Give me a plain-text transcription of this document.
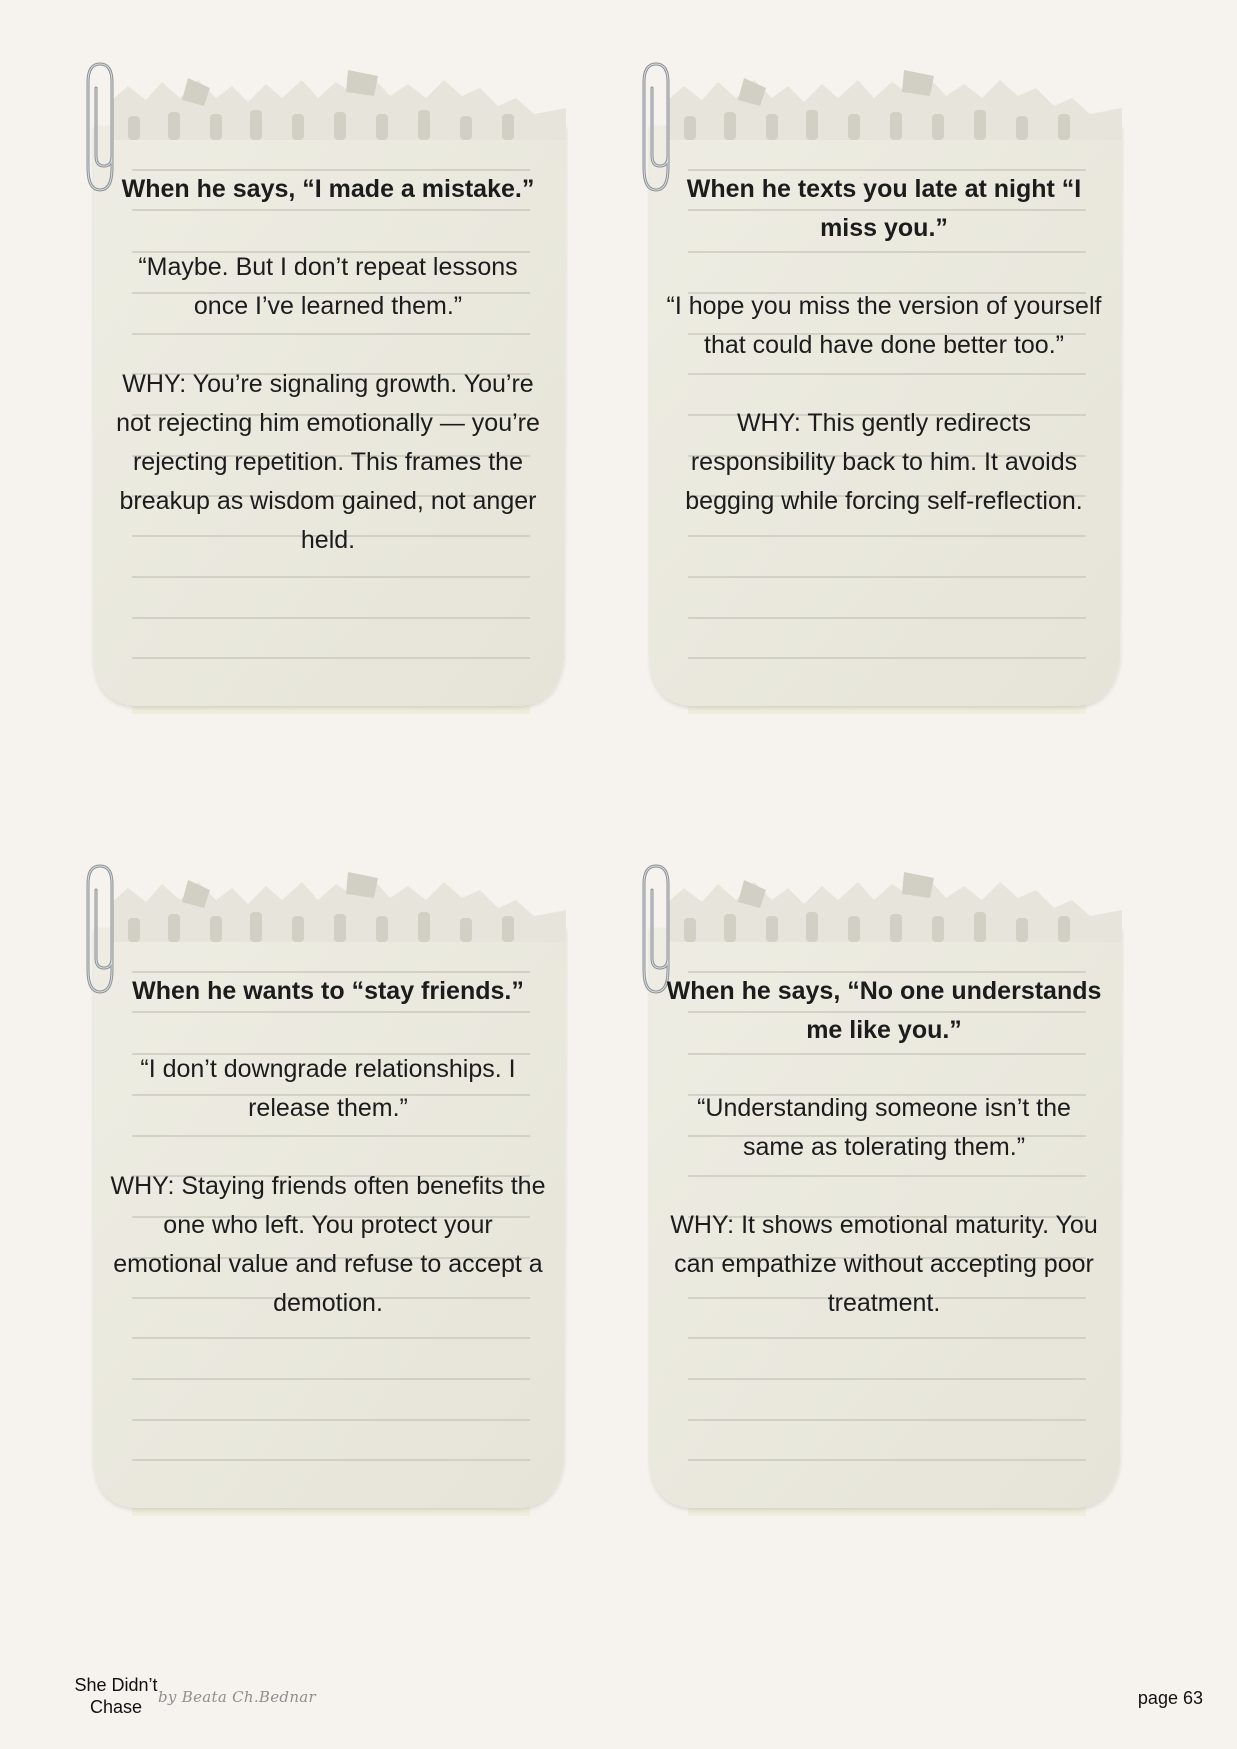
When he says, “I made a mistake.”

“Maybe. But I don’t repeat lessons once I’ve learned them.”

WHY: You’re signaling growth. You’re not rejecting him emotionally — you’re rejecting repetition. This frames the breakup as wisdom gained, not anger held.

When he texts you late at night “I miss you.”

“I hope you miss the version of yourself that could have done better too.”

WHY: This gently redirects responsibility back to him. It avoids begging while forcing self-reflection.

When he wants to “stay friends.”

“I don’t downgrade relationships. I release them.”

WHY: Staying friends often benefits the one who left. You protect your emotional value and refuse to accept a demotion.

When he says, “No one understands me like you.”

“Understanding someone isn’t the same as tolerating them.”

WHY: It shows emotional maturity. You can empathize without accepting poor treatment.

She Didn’t Chase	by Beata Ch.Bednar	page 63
